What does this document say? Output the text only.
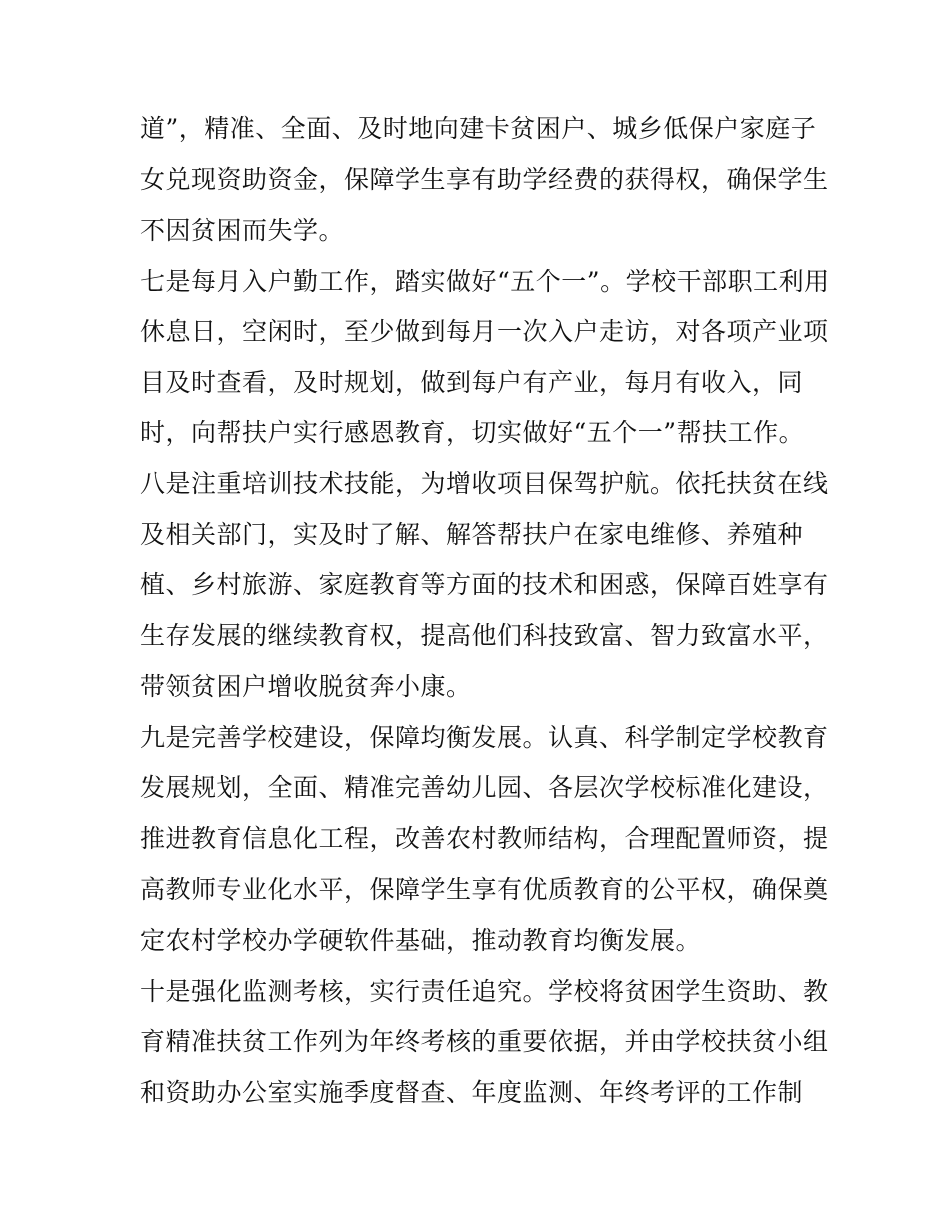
道”，精准、全面、及时地向建卡贫困户、城乡低保户家庭子
女兑现资助资金，保障学生享有助学经费的获得权，确保学生
不因贫困而失学。
七是每月入户勤工作，踏实做好“五个一”。学校干部职工利用
休息日，空闲时，至少做到每月一次入户走访，对各项产业项
目及时查看，及时规划，做到每户有产业，每月有收入，同
时，向帮扶户实行感恩教育，切实做好“五个一”帮扶工作。
八是注重培训技术技能，为增收项目保驾护航。依托扶贫在线
及相关部门，实及时了解、解答帮扶户在家电维修、养殖种
植、乡村旅游、家庭教育等方面的技术和困惑，保障百姓享有
生存发展的继续教育权，提高他们科技致富、智力致富水平，
带领贫困户增收脱贫奔小康。
九是完善学校建设，保障均衡发展。认真、科学制定学校教育
发展规划，全面、精准完善幼儿园、各层次学校标准化建设，
推进教育信息化工程，改善农村教师结构，合理配置师资，提
高教师专业化水平，保障学生享有优质教育的公平权，确保奠
定农村学校办学硬软件基础，推动教育均衡发展。
十是强化监测考核，实行责任追究。学校将贫困学生资助、教
育精准扶贫工作列为年终考核的重要依据，并由学校扶贫小组
和资助办公室实施季度督查、年度监测、年终考评的工作制
